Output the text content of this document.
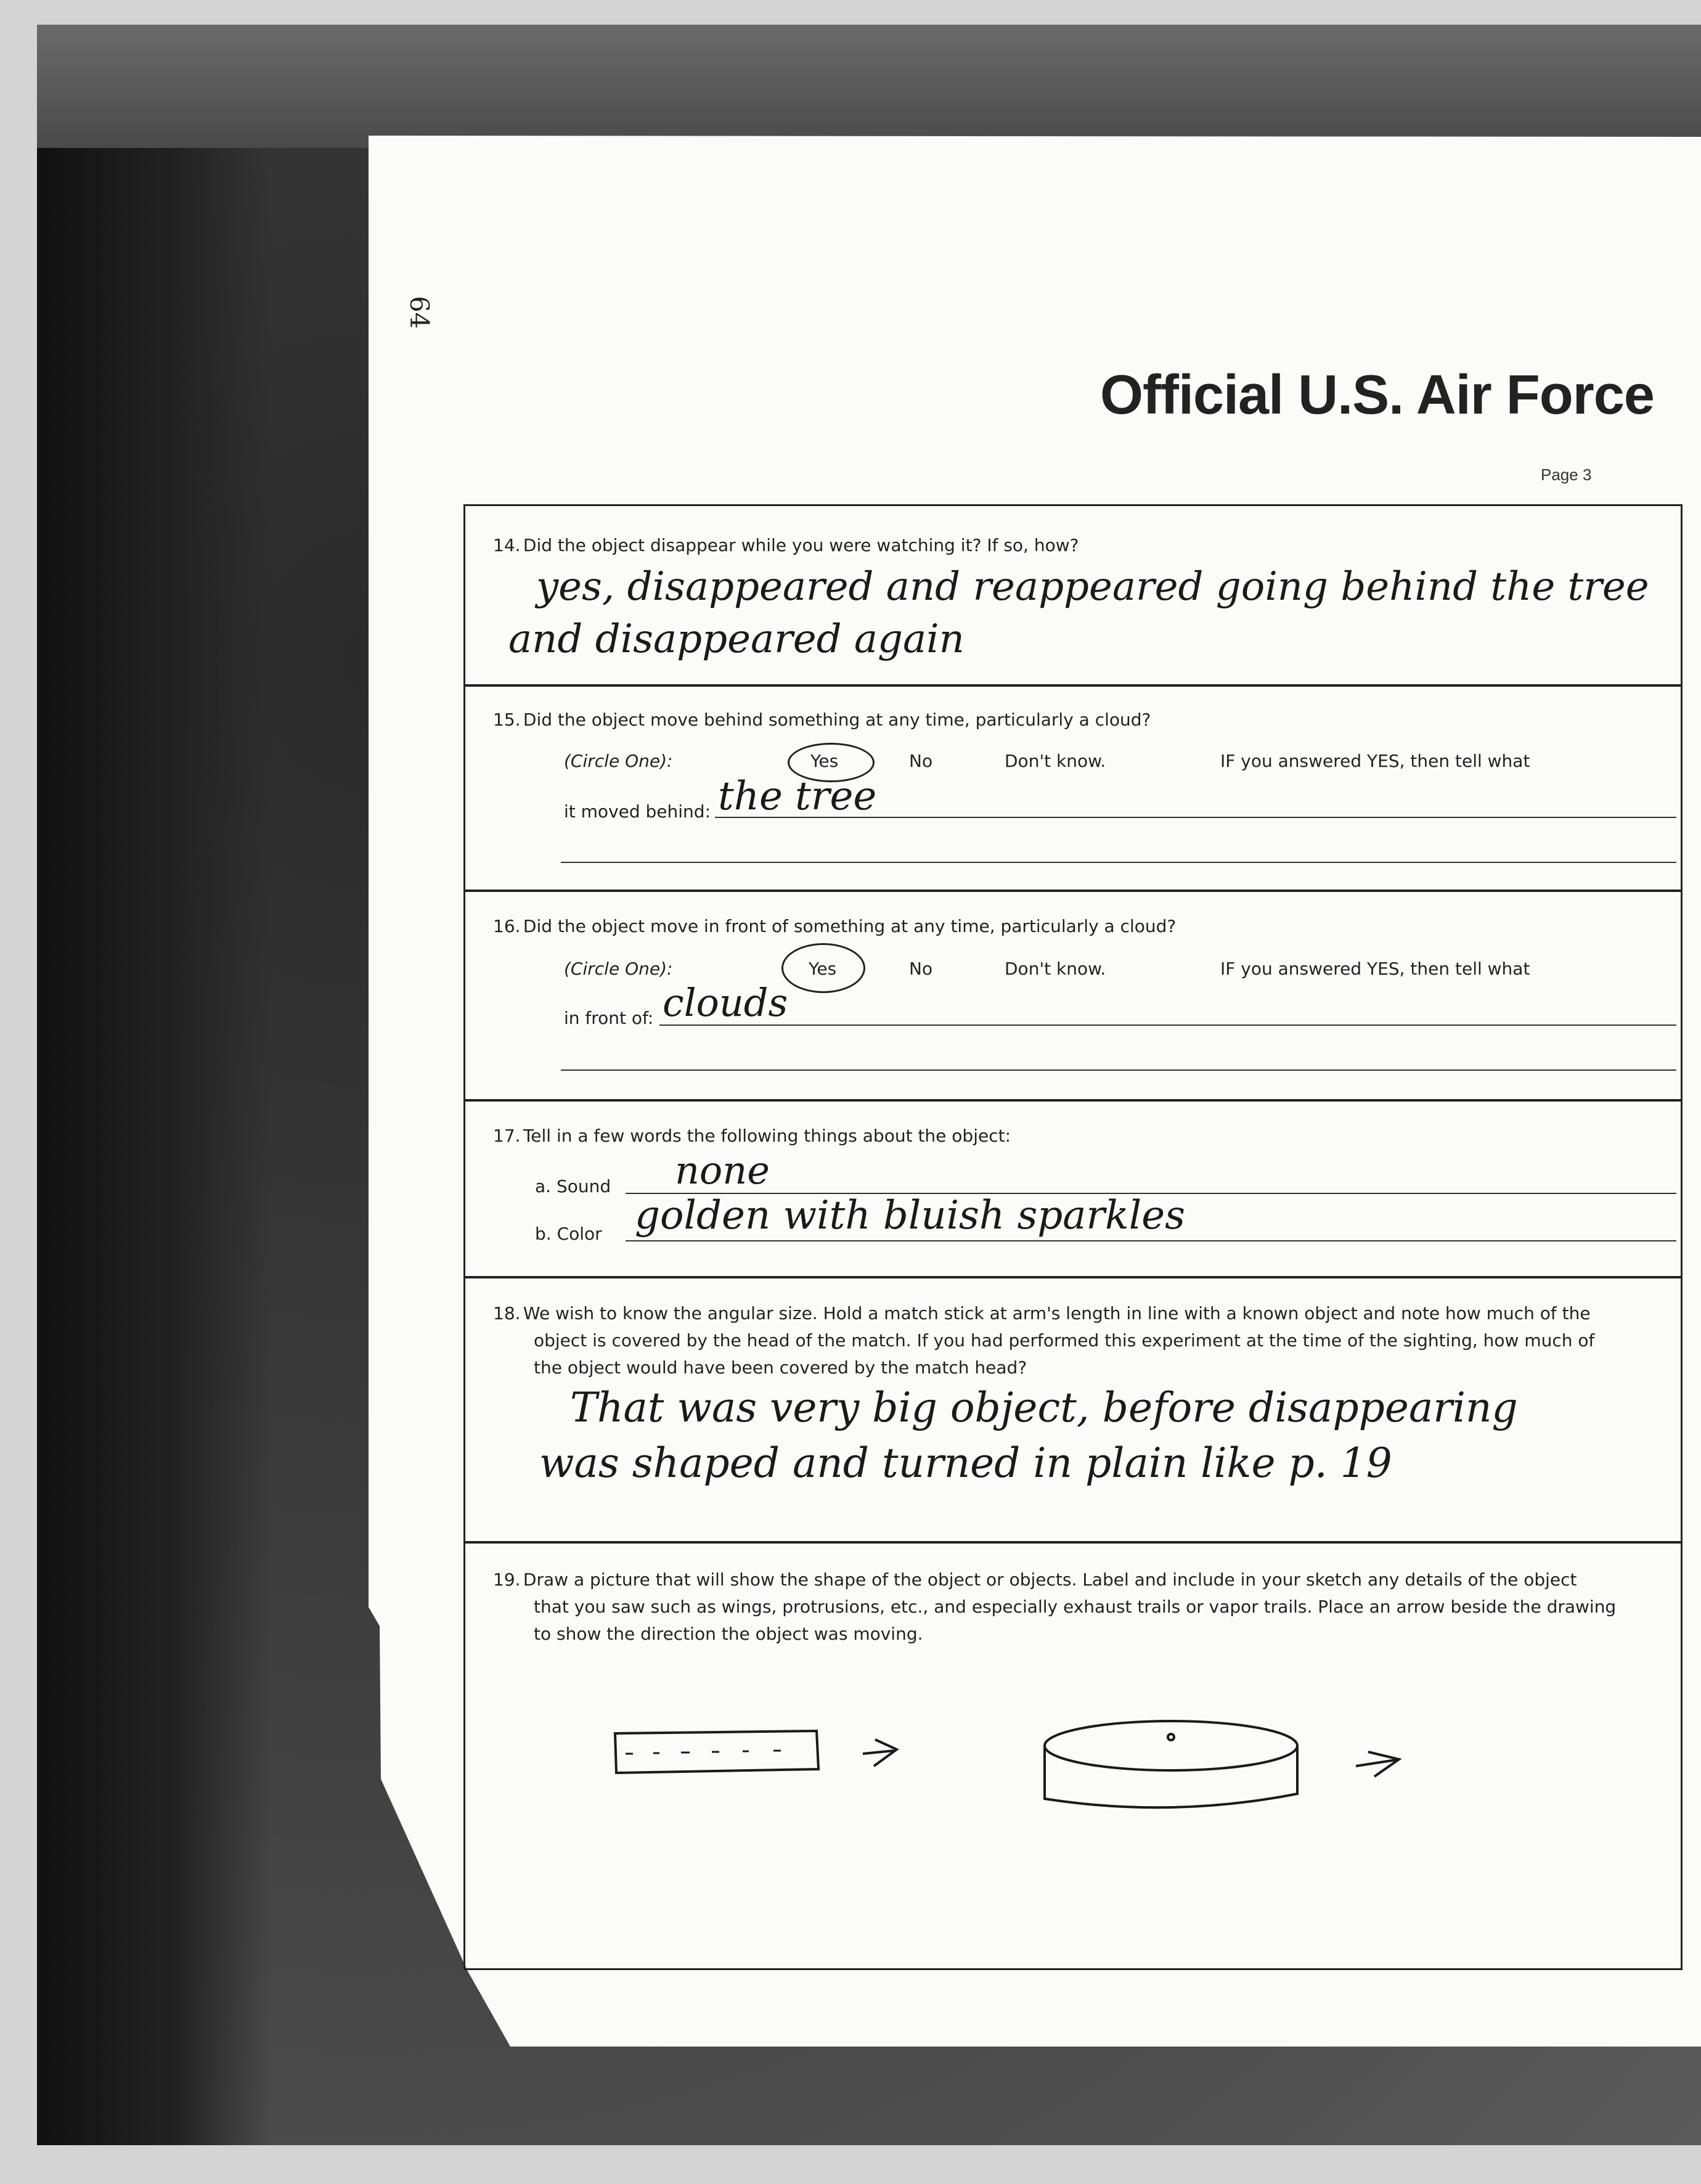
64
Official U.S. Air Force
Page 3
14. Did the object disappear while you were watching it? If so, how?
yes, disappeared and reappeared going behind the tree
and disappeared again
15. Did the object move behind something at any time, particularly a cloud?
(Circle One):	Yes	No	Don't know.	IF you answered YES, then tell what
it moved behind: the tree
16. Did the object move in front of something at any time, particularly a cloud?
(Circle One):	Yes	No	Don't know.	IF you answered YES, then tell what
in front of: clouds
17. Tell in a few words the following things about the object:
a. Sound none
b. Color golden with bluish sparkles
18. We wish to know the angular size. Hold a match stick at arm's length in line with a known object and note how much of the
object is covered by the head of the match. If you had performed this experiment at the time of the sighting, how much of
the object would have been covered by the match head?
That was very big object, before disappearing
was shaped and turned in plain like p. 19
19. Draw a picture that will show the shape of the object or objects. Label and include in your sketch any details of the object
that you saw such as wings, protrusions, etc., and especially exhaust trails or vapor trails. Place an arrow beside the drawing
to show the direction the object was moving.
